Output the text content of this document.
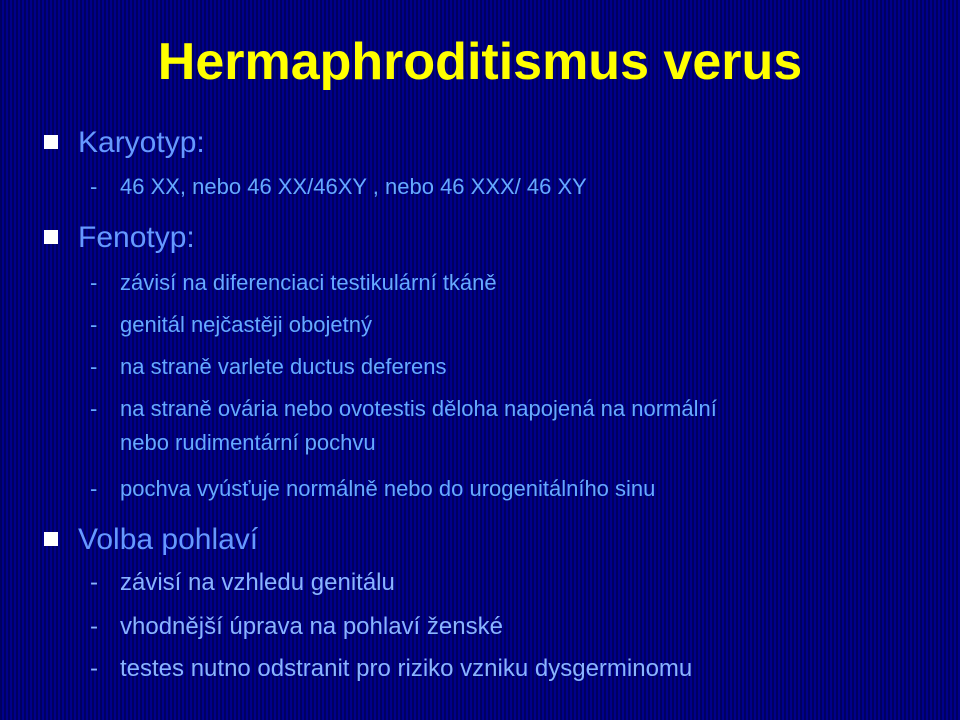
Hermaphroditismus verus
Karyotyp:
- 46 XX, nebo 46 XX/46XY , nebo 46 XXX/ 46 XY
Fenotyp:
- závisí na diferenciaci testikulární tkáně
- genitál nejčastěji obojetný
- na straně varlete ductus deferens
- na straně ovária nebo ovotestis děloha napojená na normální
nebo rudimentární pochvu
- pochva vyúsťuje normálně nebo do urogenitálního sinu
Volba pohlaví
- závisí na vzhledu genitálu
- vhodnější úprava na pohlaví ženské
- testes nutno odstranit pro riziko vzniku dysgerminomu
